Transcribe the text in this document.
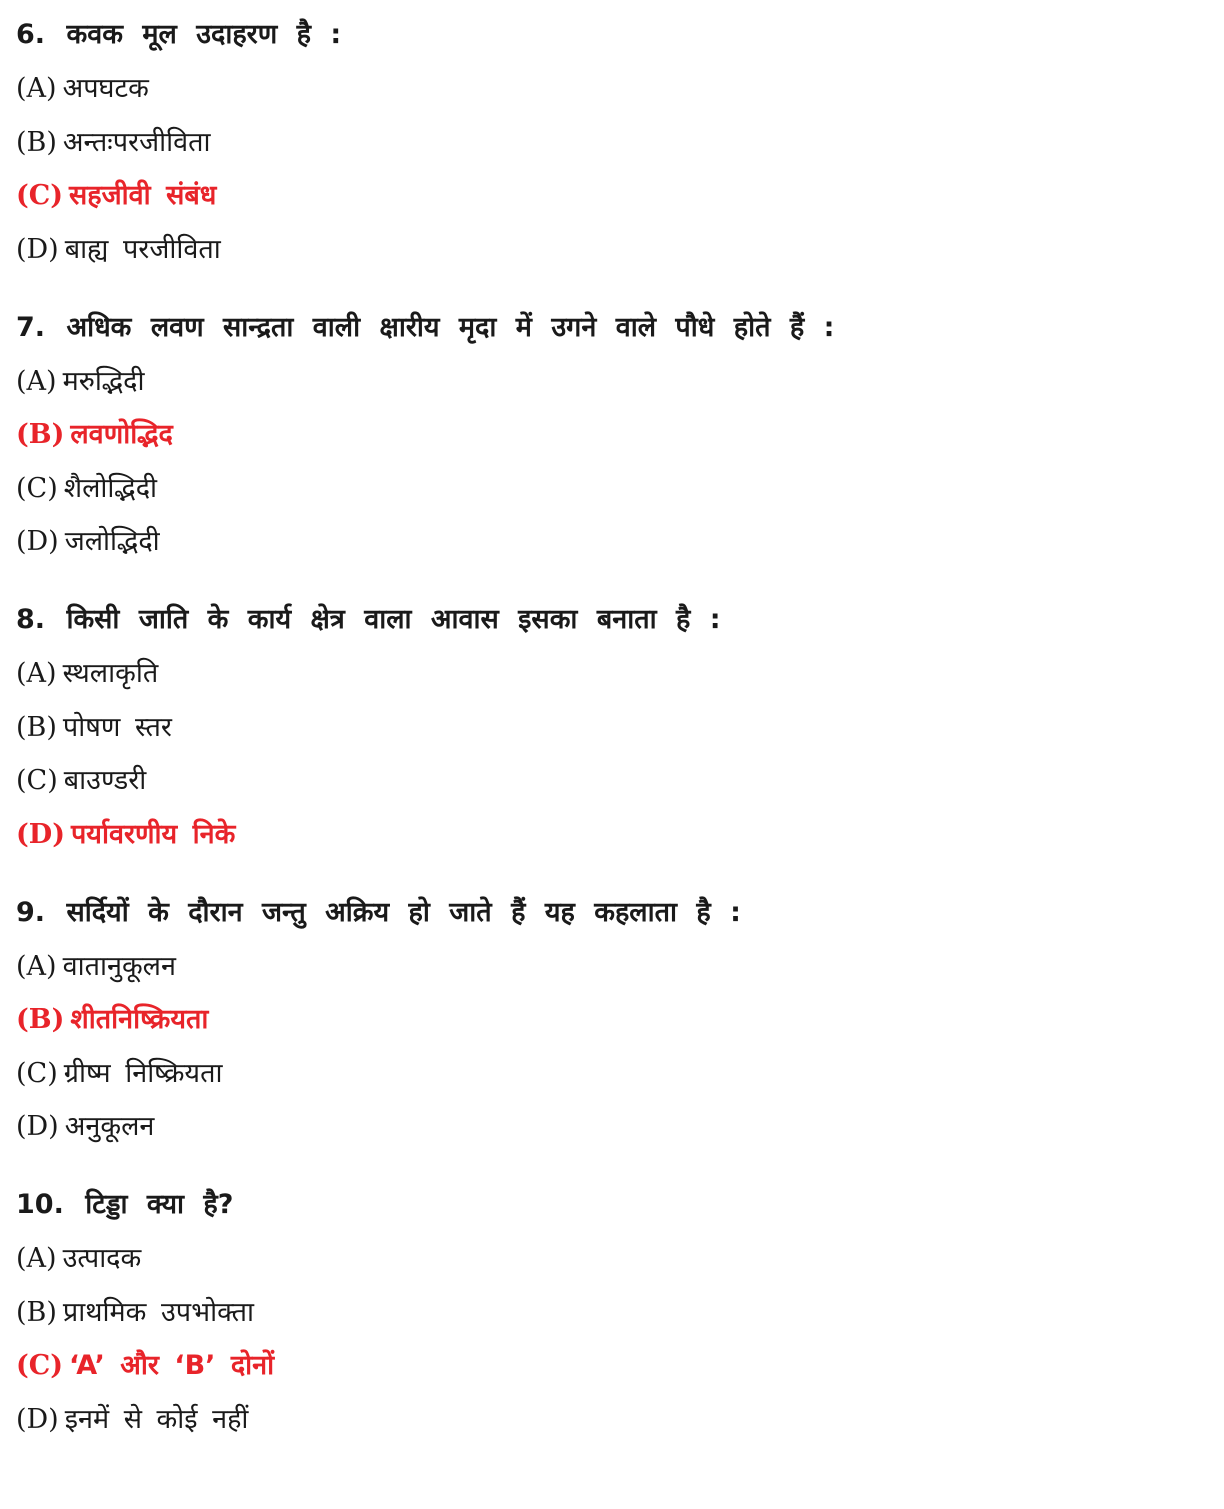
6. कवक मूल उदाहरण है :
(A) अपघटक
(B) अन्तःपरजीविता
(C) सहजीवी संबंध
(D) बाह्य परजीविता
7. अधिक लवण सान्द्रता वाली क्षारीय मृदा में उगने वाले पौधे होते हैं :
(A) मरुद्भिदी
(B) लवणोद्भिद
(C) शैलोद्भिदी
(D) जलोद्भिदी
8. किसी जाति के कार्य क्षेत्र वाला आवास इसका बनाता है :
(A) स्थलाकृति
(B) पोषण स्तर
(C) बाउण्डरी
(D) पर्यावरणीय निके
9. सर्दियों के दौरान जन्तु अक्रिय हो जाते हैं यह कहलाता है :
(A) वातानुकूलन
(B) शीतनिष्क्रियता
(C) ग्रीष्म निष्क्रियता
(D) अनुकूलन
10. टिड्डा क्या है?
(A) उत्पादक
(B) प्राथमिक उपभोक्ता
(C) ‘A’ और ‘B’ दोनों
(D) इनमें से कोई नहीं
